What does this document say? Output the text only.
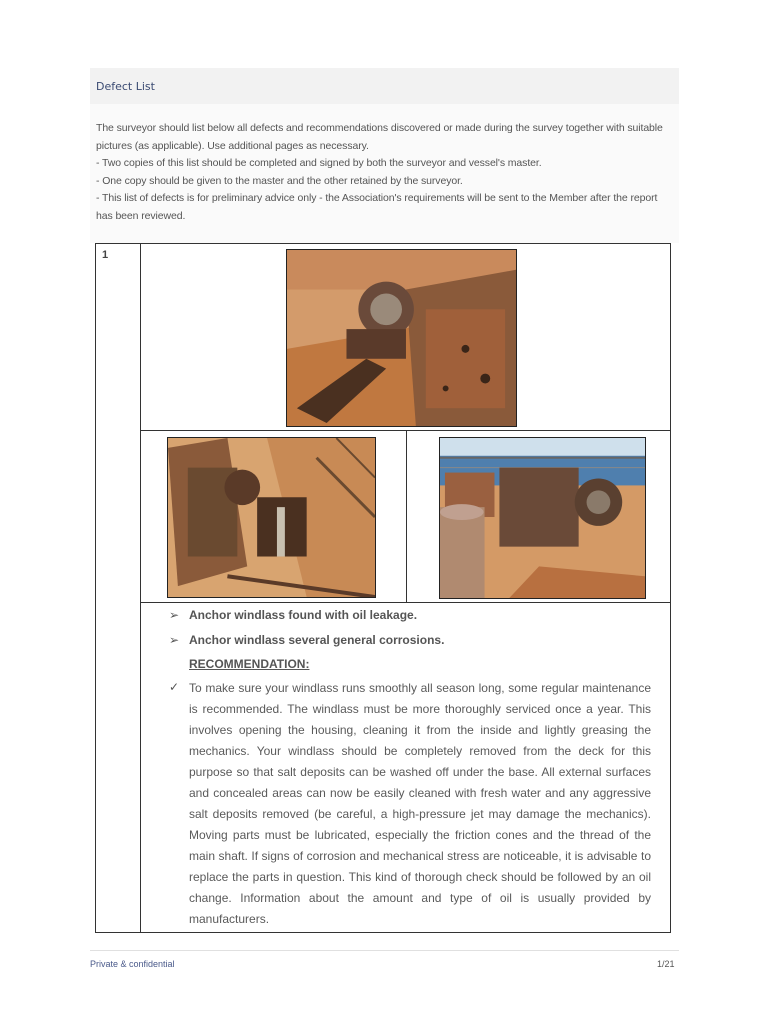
Defect List

The surveyor should list below all defects and recommendations discovered or made during the survey together with suitable pictures (as applicable). Use additional pages as necessary.

- Two copies of this list should be completed and signed by both the surveyor and vessel's master.

- One copy should be given to the master and the other retained by the surveyor.

- This list of defects is for preliminary advice only - the Association's requirements will be sent to the Member after the report has been reviewed.

1
➢ Anchor windlass found with oil leakage.
➢ Anchor windlass several general corrosions.
RECOMMENDATION:
✓ To make sure your windlass runs smoothly all season long, some regular maintenance is recommended. The windlass must be more thoroughly serviced once a year. This involves opening the housing, cleaning it from the inside and lightly greasing the mechanics. Your windlass should be completely removed from the deck for this purpose so that salt deposits can be washed off under the base. All external surfaces and concealed areas can now be easily cleaned with fresh water and any aggressive salt deposits removed (be careful, a high-pressure jet may damage the mechanics). Moving parts must be lubricated, especially the friction cones and the thread of the main shaft. If signs of corrosion and mechanical stress are noticeable, it is advisable to replace the parts in question. This kind of thorough check should be followed by an oil change. Information about the amount and type of oil is usually provided by manufacturers.
Private & confidential	1/21
